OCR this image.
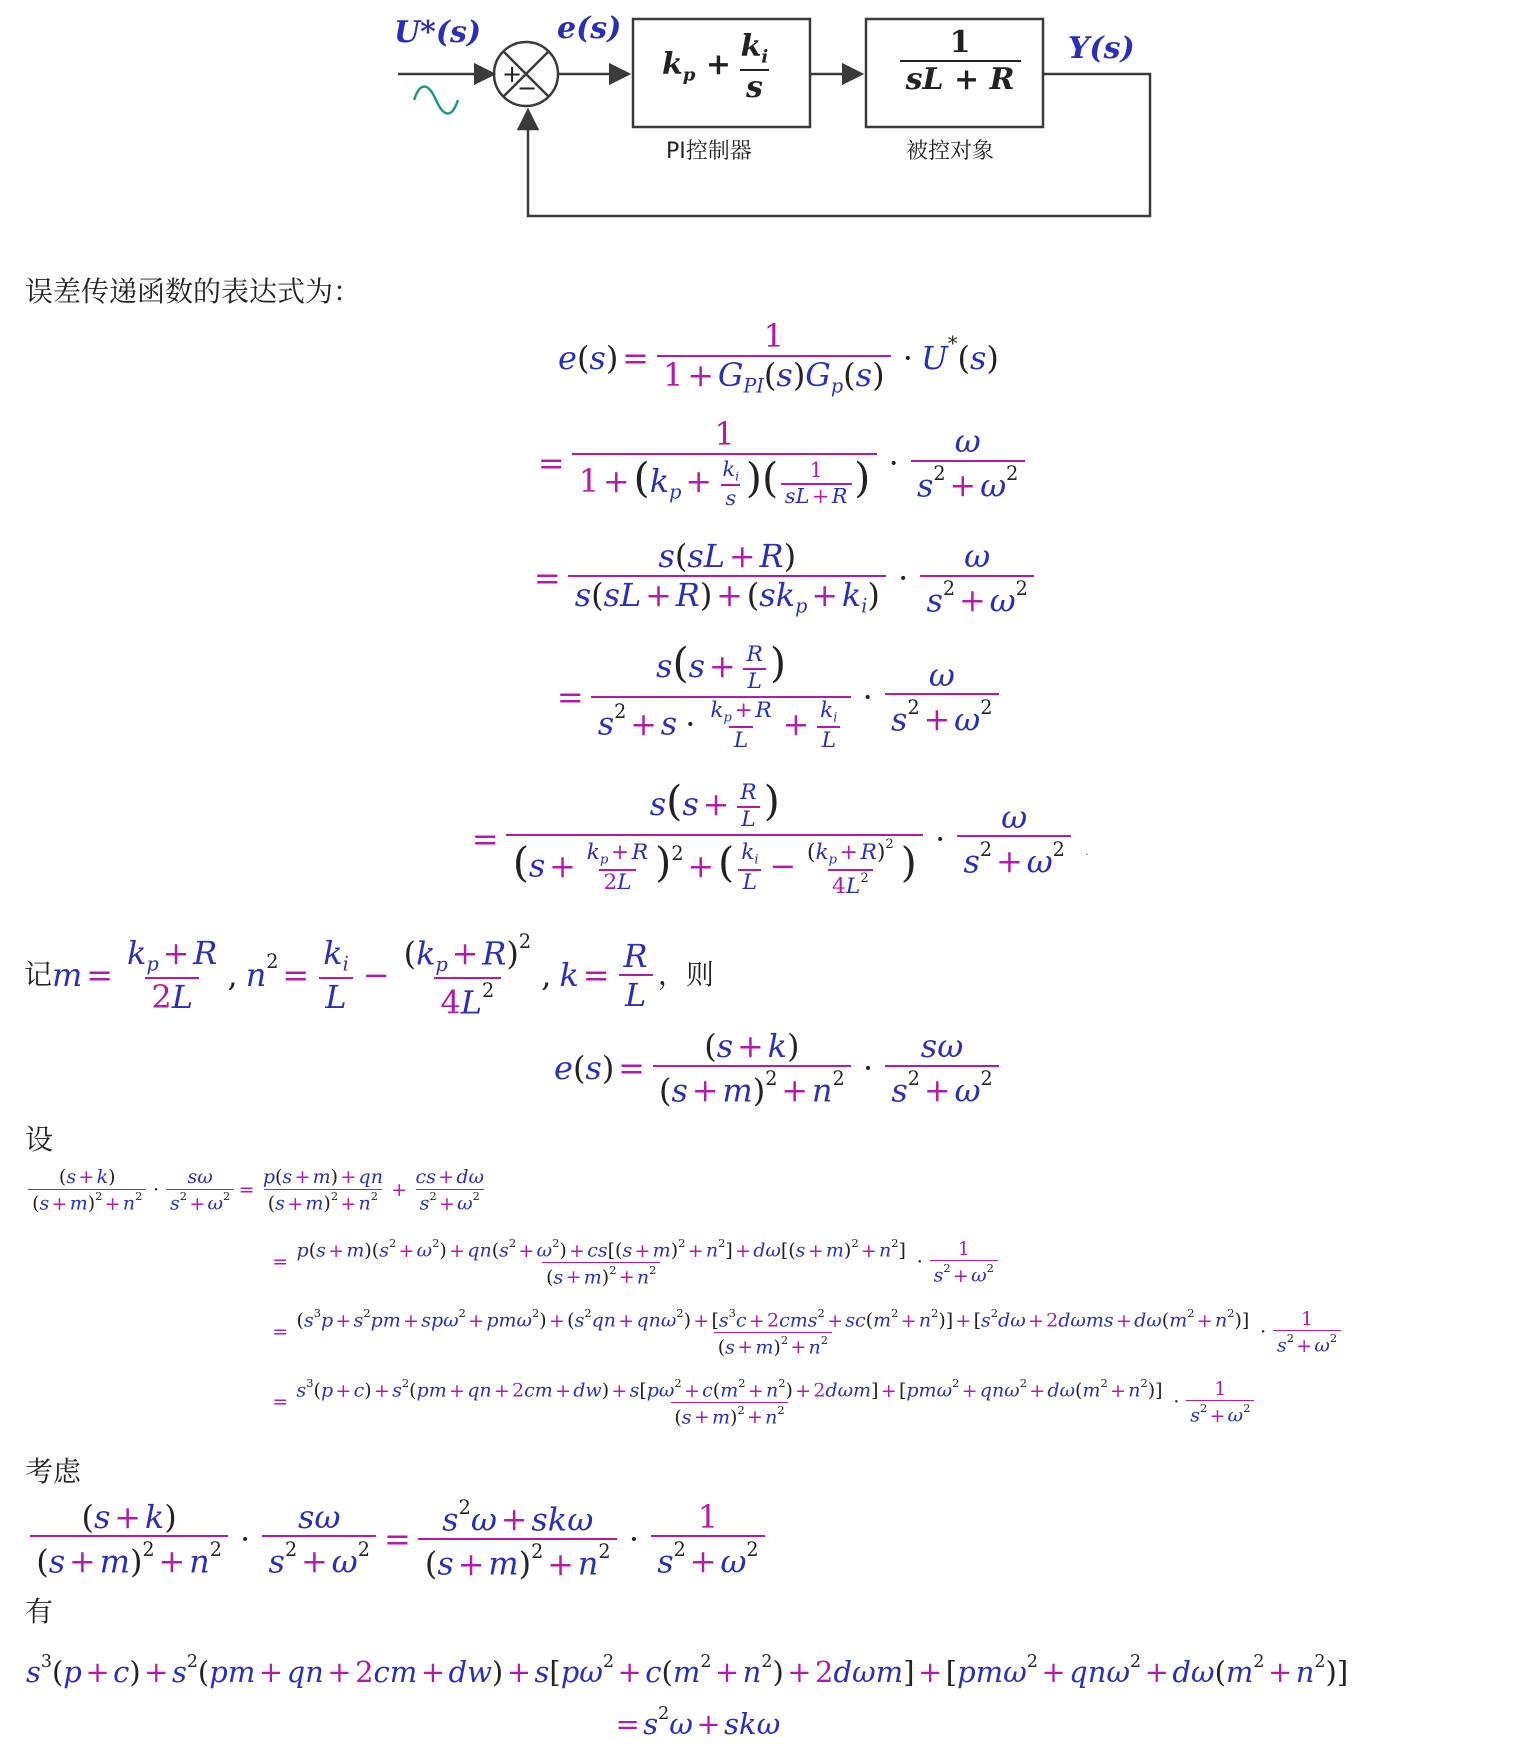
+
−
U*(s)	e(s)
Y(s)
$k_p + \frac{k_i}{s}$	$\frac{1}{sL + R}$
PI控制器	被控对象
误差传递函数的表达式为：
$e(s) = \frac{1}{1 + G_{PI}(s)G_p(s)} \cdot U*(s)$
= $\frac{1}{1 +(k_p + \frac{k_i}{s} )( \frac{1}{sL + R} )} \cdot \frac{\omega}{s^2 + \omega^2}$
= $\frac{s(sL + R)}{s(sL + R) + (sk_p + k_i)} \cdot \frac{\omega}{s^2 + \omega^2}$
= $\frac{s(s + \frac{R}{L} )}{s^2 + s \cdot \frac{k_p + R}{L} + \frac{k_i}{L}} \cdot \frac{\omega}{s^2 + \omega^2}$
= $\frac{s(s + \frac{R}{L} )}{(s + \frac{k_p + R}{2L} )^2 +( \frac{k_i}{L} - \frac{(k_p + R)^2}{4L^2} )} \cdot \frac{\omega}{s^2 + \omega^2}$ ˛
记$m = \frac{k_p + R}{2L}$ , $n2 = \frac{k_i}{L} - \frac{(k_p + R)^2}{4L^2}$ , $k = \frac{R}{L}$ ，则
$e(s) = \frac{(s + k)}{(s + m)^2 + n^2} \cdot \frac{s\omega}{s^2 + \omega^2}$
设
$\frac{(s + k)}{(s + m)^2 + n^2} \cdot \frac{s\omega}{s^2 + \omega^2} = \frac{p(s + m) + qn}{(s + m)^2 + n^2} + \frac{cs + d\omega}{s^2 + \omega^2}$
= $\frac{p(s + m)(s^2 + \omega^2) + qn(s^2 + \omega^2) + cs[(s + m)^2 + n^2] + d\omega[(s + m)^2 + n^2]}{(s + m)^2 + n^2} \cdot \frac{1}{s^2 + \omega^2}$
=
$(s^3p + s^2pm + sp\omega^2 + pm\omega^2) + (s^2qn + qn\omega^2) + [s^3c + 2cms^2 + sc(m^2 + n^2)] + [s^2d\omega + 2d\omega ms + d\omega(m^2 + n^2)]$
$(s + m)^2 + n^2$	· $\frac{1}{s^2 + \omega^2}$
=
$s^3(p + c) + s^2(pm$ + qn + $2cm + dw) + s[p\omega^2 + c(m^2 + n^2) + 2d\omega m] + [pm\omega^2 + qn\omega^2 + d\omega(m^2 + n^2)]$
$(s + m)^2 + n^2$	· $\frac{1}{s^2 + \omega^2}$
考虑
$\frac{(s + k)}{(s + m)^2 + n^2} \cdot \frac{s\omega}{s^2 + \omega^2} = \frac{s^2\omega + sk\omega}{(s + m)^2 + n^2} \cdot \frac{1}{s^2 + \omega^2}$
有
$s^3(p + c) + s^2(pm$ + qn + $2cm + dw) + s[p\omega^2 + c(m^2 + n^2) + 2d\omega m] + [pm\omega^2 + qn\omega^2 + d\omega(m^2 + n^2)]$
= $s^2\omega + sk\omega$
